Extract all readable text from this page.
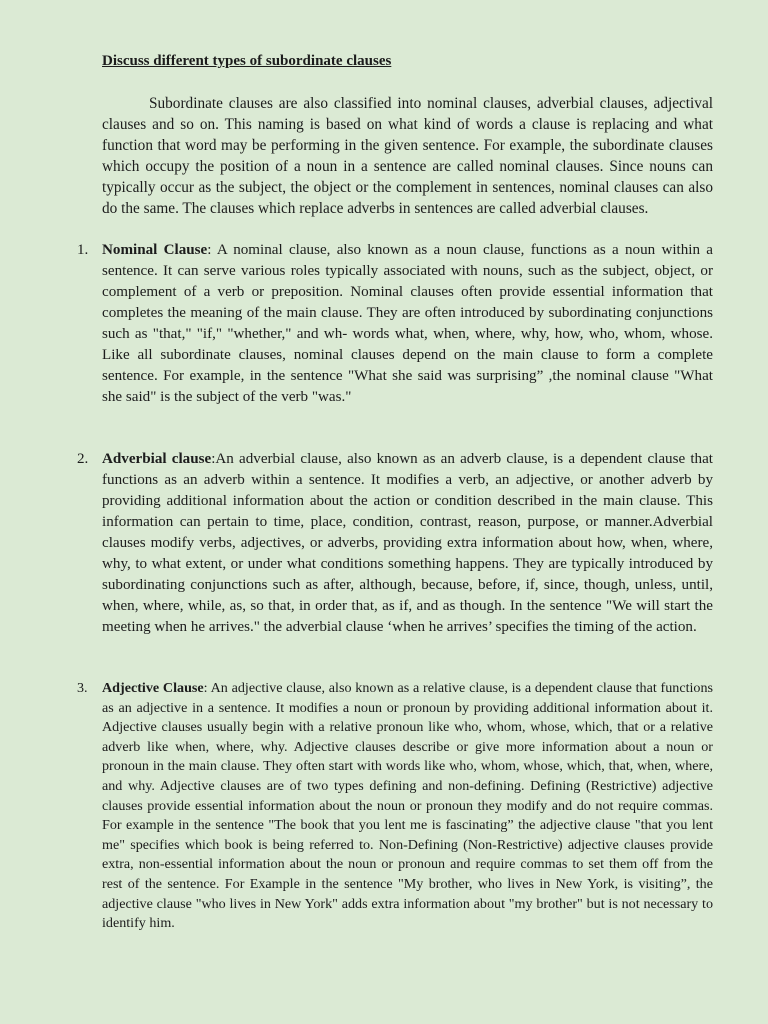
Discuss different types of subordinate clauses

Subordinate clauses are also classified into nominal clauses, adverbial clauses, adjectival clauses and so on. This naming is based on what kind of words a clause is replacing and what function that word may be performing in the given sentence. For example, the subordinate clauses which occupy the position of a noun in a sentence are called nominal clauses. Since nouns can typically occur as the subject, the object or the complement in sentences, nominal clauses can also do the same. The clauses which replace adverbs in sentences are called adverbial clauses.

1. Nominal Clause: A nominal clause, also known as a noun clause, functions as a noun within a sentence. It can serve various roles typically associated with nouns, such as the subject, object, or complement of a verb or preposition. Nominal clauses often provide essential information that completes the meaning of the main clause. They are often introduced by subordinating conjunctions such as "that," "if," "whether," and wh- words what, when, where, why, how, who, whom, whose. Like all subordinate clauses, nominal clauses depend on the main clause to form a complete sentence. For example, in the sentence "What she said was surprising” ,the nominal clause "What she said" is the subject of the verb "was."

2. Adverbial clause:An adverbial clause, also known as an adverb clause, is a dependent clause that functions as an adverb within a sentence. It modifies a verb, an adjective, or another adverb by providing additional information about the action or condition described in the main clause. This information can pertain to time, place, condition, contrast, reason, purpose, or manner.Adverbial clauses modify verbs, adjectives, or adverbs, providing extra information about how, when, where, why, to what extent, or under what conditions something happens. They are typically introduced by subordinating conjunctions such as after, although, because, before, if, since, though, unless, until, when, where, while, as, so that, in order that, as if, and as though. In the sentence "We will start the meeting when he arrives." the adverbial clause ‘when he arrives’ specifies the timing of the action.

3. Adjective Clause: An adjective clause, also known as a relative clause, is a dependent clause that functions as an adjective in a sentence. It modifies a noun or pronoun by providing additional information about it. Adjective clauses usually begin with a relative pronoun like who, whom, whose, which, that or a relative adverb like when, where, why. Adjective clauses describe or give more information about a noun or pronoun in the main clause. They often start with words like who, whom, whose, which, that, when, where, and why. Adjective clauses are of two types defining and non-defining. Defining (Restrictive) adjective clauses provide essential information about the noun or pronoun they modify and do not require commas. For example in the sentence "The book that you lent me is fascinating” the adjective clause "that you lent me" specifies which book is being referred to. Non-Defining (Non-Restrictive) adjective clauses provide extra, non-essential information about the noun or pronoun and require commas to set them off from the rest of the sentence. For Example in the sentence "My brother, who lives in New York, is visiting”, the adjective clause "who lives in New York" adds extra information about "my brother" but is not necessary to identify him.
